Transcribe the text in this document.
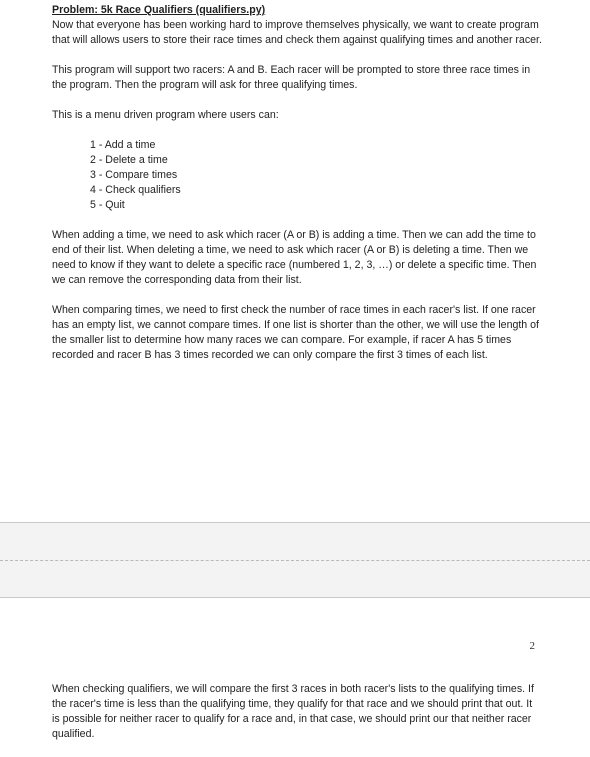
Problem: 5k Race Qualifiers (qualifiers.py)

Now that everyone has been working hard to improve themselves physically, we want to create program that will allows users to store their race times and check them against qualifying times and another racer.

This program will support two racers: A and B. Each racer will be prompted to store three race times in the program. Then the program will ask for three qualifying times.

This is a menu driven program where users can:

1 - Add a time
2 - Delete a time
3 - Compare times
4 - Check qualifiers
5 - Quit

When adding a time, we need to ask which racer (A or B) is adding a time. Then we can add the time to end of their list. When deleting a time, we need to ask which racer (A or B) is deleting a time. Then we need to know if they want to delete a specific race (numbered 1, 2, 3, …) or delete a specific time. Then we can remove the corresponding data from their list.

When comparing times, we need to first check the number of race times in each racer's list. If one racer has an empty list, we cannot compare times. If one list is shorter than the other, we will use the length of the smaller list to determine how many races we can compare. For example, if racer A has 5 times recorded and racer B has 3 times recorded we can only compare the first 3 times of each list.

2

When checking qualifiers, we will compare the first 3 races in both racer's lists to the qualifying times. If the racer's time is less than the qualifying time, they qualify for that race and we should print that out. It is possible for neither racer to qualify for a race and, in that case, we should print our that neither racer qualified.
